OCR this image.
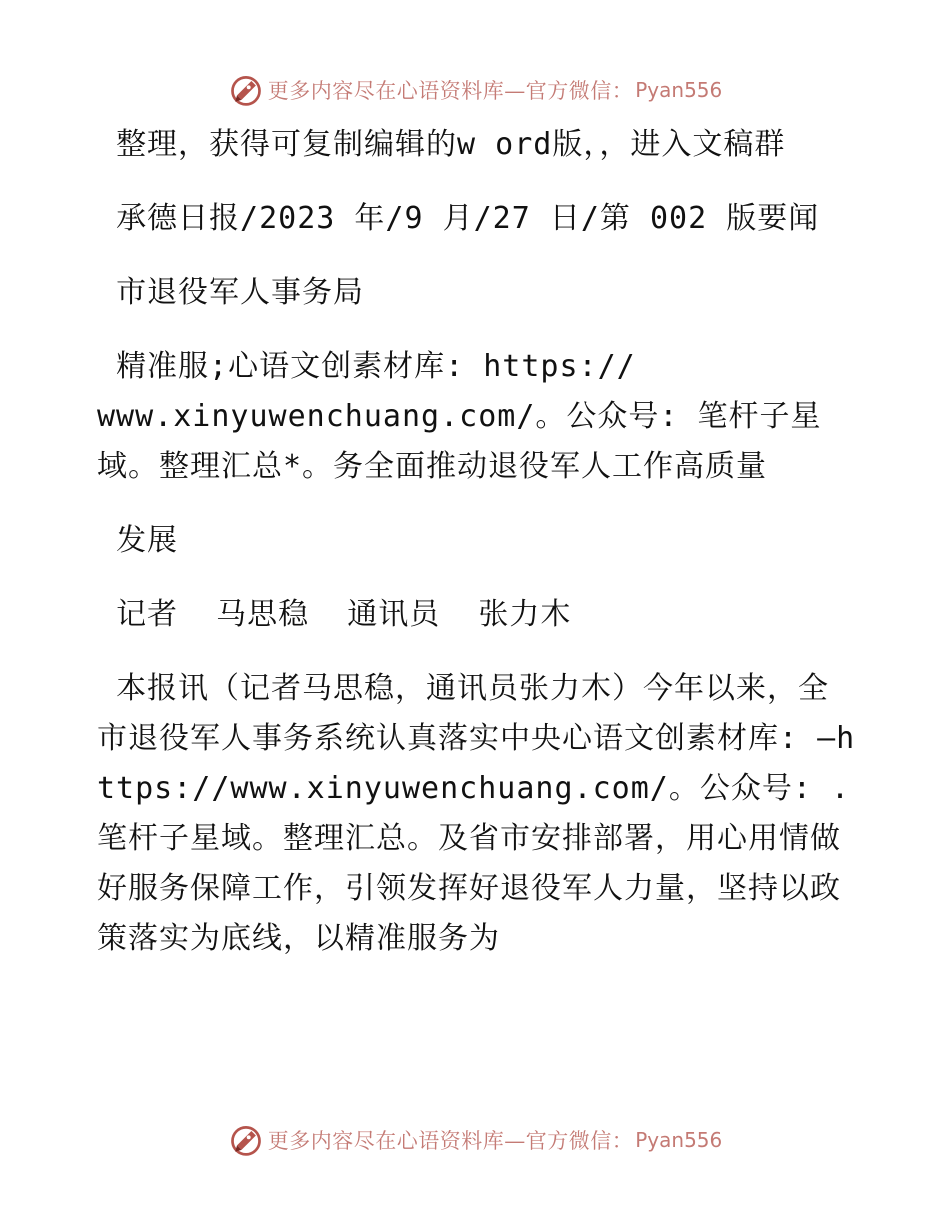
更多内容尽在心语资料库—官方微信： Pyan556

整理，获得可复制编辑的w ord版，，进入文稿群

承德日报/2023 年/9 月/27 日/第 002 版要闻

市退役军人事务局

精准服;心语文创素材库: https://

www.xinyuwenchuang.com/。公众号: 笔杆子星域。整理汇总*。务全面推动退役军人工作高质量

发展

记者  马思稳  通讯员  张力木

本报讯（记者马思稳，通讯员张力木）今年以来，全市退役军人事务系统认真落实中央心语文创素材库: —https://www.xinyuwenchuang.com/。公众号: .笔杆子星域。整理汇总。及省市安排部署，用心用情做好服务保障工作，引领发挥好退役军人力量，坚持以政策落实为底线，以精准服务为

更多内容尽在心语资料库—官方微信： Pyan556
